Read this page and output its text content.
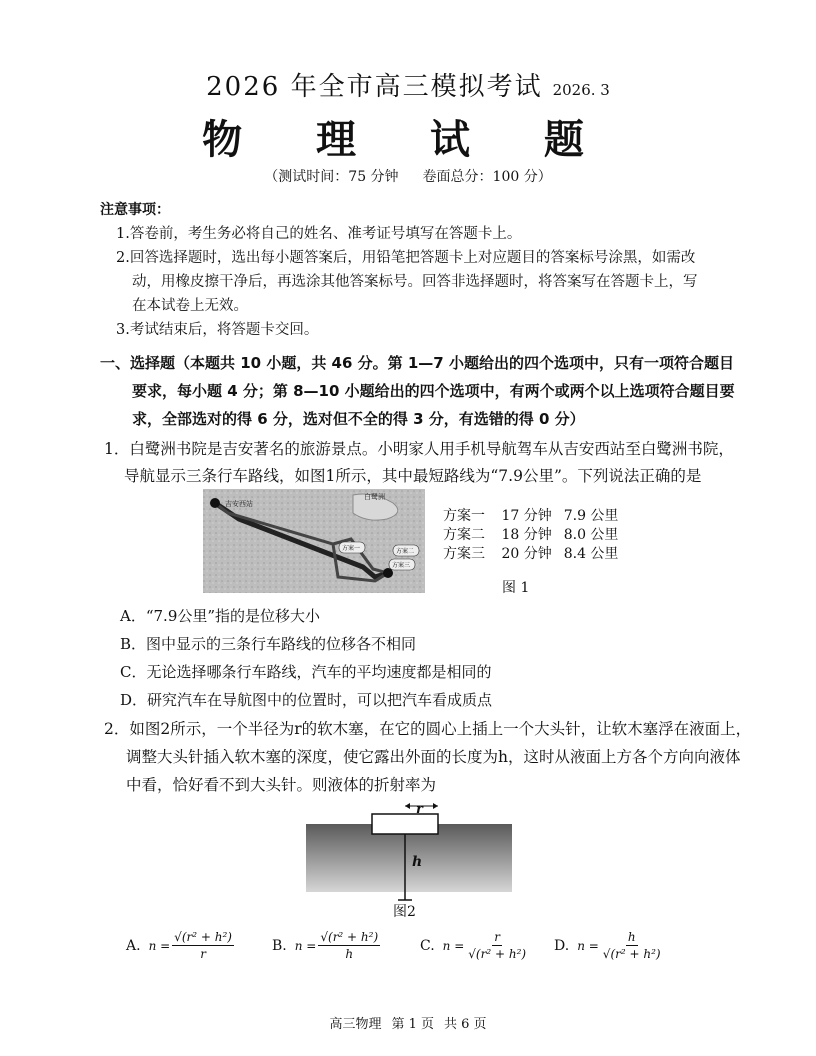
2026 年全市高三模拟考试 2026. 3
物 理 试 题
（测试时间：75 分钟 卷面总分：100 分）
注意事项：
1.答卷前，考生务必将自己的姓名、准考证号填写在答题卡上。
2.回答选择题时，选出每小题答案后，用铅笔把答题卡上对应题目的答案标号涂黑，如需改
动，用橡皮擦干净后，再选涂其他答案标号。回答非选择题时，将答案写在答题卡上，写
在本试卷上无效。
3.考试结束后，将答题卡交回。
一、选择题（本题共 10 小题，共 46 分。第 1—7 小题给出的四个选项中，只有一项符合题目
要求，每小题 4 分；第 8—10 小题给出的四个选项中，有两个或两个以上选项符合题目要
求，全部选对的得 6 分，选对但不全的得 3 分，有选错的得 0 分）
1．白鹭洲书院是吉安著名的旅游景点。小明家人用手机导航驾车从吉安西站至白鹭洲书院，
导航显示三条行车路线，如图1所示，其中最短路线为“7.9公里”。下列说法正确的是
吉安西站
白鹭洲
方案一	方案二
方案三
方案一 17 分钟 7.9 公里
方案二 18 分钟 8.0 公里
方案三 20 分钟 8.4 公里
图 1
A．“7.9公里”指的是位移大小
B．图中显示的三条行车路线的位移各不相同
C．无论选择哪条行车路线，汽车的平均速度都是相同的
D．研究汽车在导航图中的位置时，可以把汽车看成质点
2．如图2所示，一个半径为r的软木塞，在它的圆心上插上一个大头针，让软木塞浮在液面上，
调整大头针插入软木塞的深度，使它露出外面的长度为h，这时从液面上方各个方向向液体
中看，恰好看不到大头针。则液体的折射率为
r
h
图2
A. $n = \frac{\text{√(r² + h²)}}{r}$	B. $n = \frac{\text{√(r² + h²)}}{h}$	C. $n = \frac{r}{\text{√(r² + h²)}} D$. $n = \frac{h}{\text{√(r² + h²)}}$
高三物理 第 1 页 共 6 页
